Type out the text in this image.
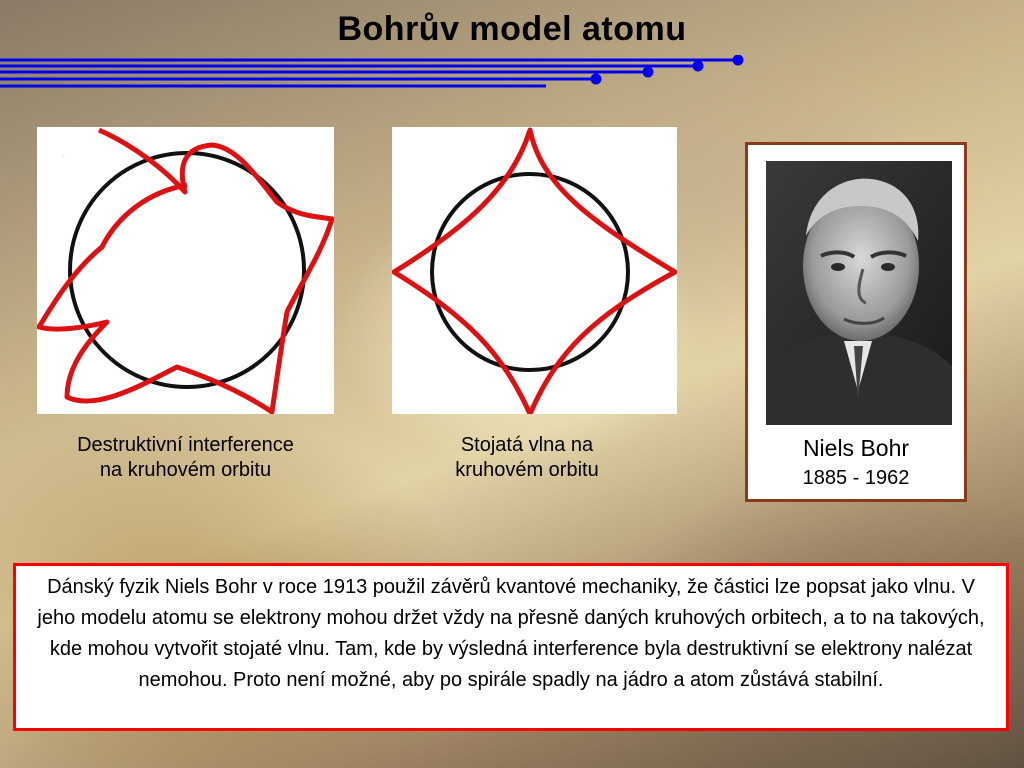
Bohrův model atomu
.
Destruktivní interference
na kruhovém orbitu
Stojatá vlna na
kruhovém orbitu
Niels Bohr
1885 - 1962
Dánský fyzik Niels Bohr v roce 1913 použil závěrů kvantové mechaniky, že částici lze popsat jako vlnu. V jeho modelu atomu se elektrony mohou držet vždy na přesně daných kruhových orbitech, a to na takových, kde mohou vytvořit stojaté vlnu. Tam, kde by výsledná interference byla destruktivní se elektrony nalézat nemohou. Proto není možné, aby po spirále spadly na jádro a atom zůstává stabilní.
